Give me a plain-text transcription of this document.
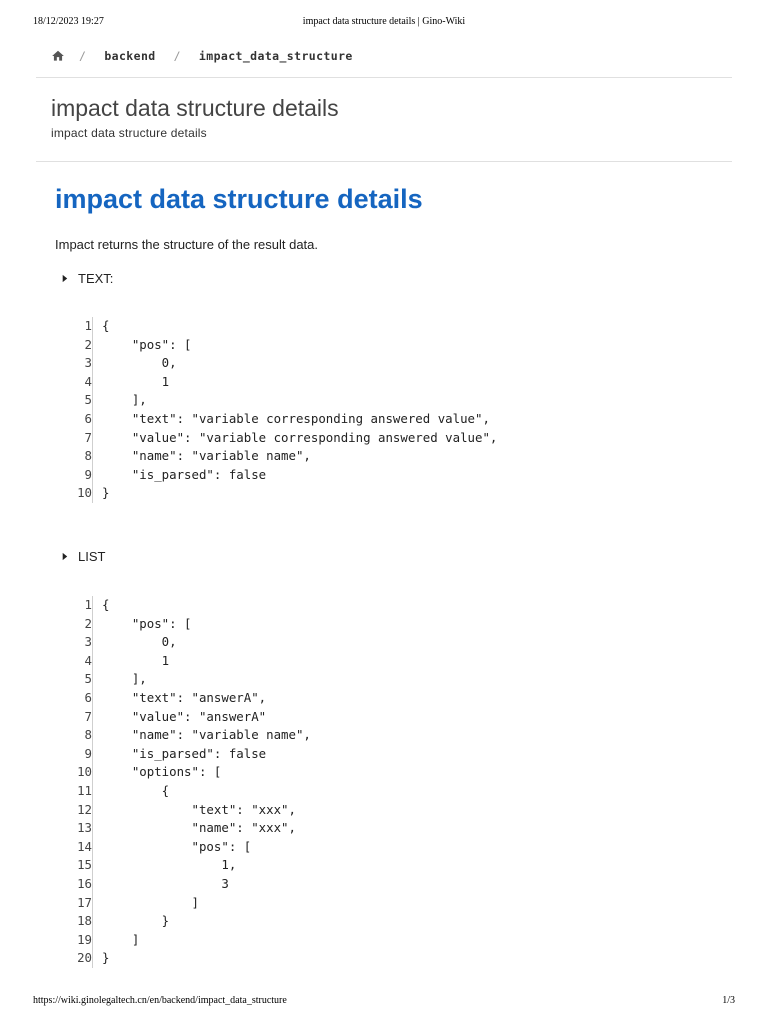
18/12/2023 19:27	impact data structure details | Gino-Wiki
/ backend / impact_data_structure
impact data structure details
impact data structure details
impact data structure details

Impact returns the structure of the result data.

TEXT:
1
2
3
4
5
6
7
8
9
10
{
"pos": [
0,
1
],
"text": "variable corresponding answered value",
"value": "variable corresponding answered value",
"name": "variable name",
"is_parsed": false
}
LIST
1
2
3
4
5
6
7
8
9
10
11
12
13
14
15
16
17
18
19
20
{
"pos": [
0,
1
],
"text": "answerA",
"value": "answerA"
"name": "variable name",
"is_parsed": false
"options": [
{
"text": "xxx",
"name": "xxx",
"pos": [
1,
3
]
}
]
}
https://wiki.ginolegaltech.cn/en/backend/impact_data_structure	1/3
